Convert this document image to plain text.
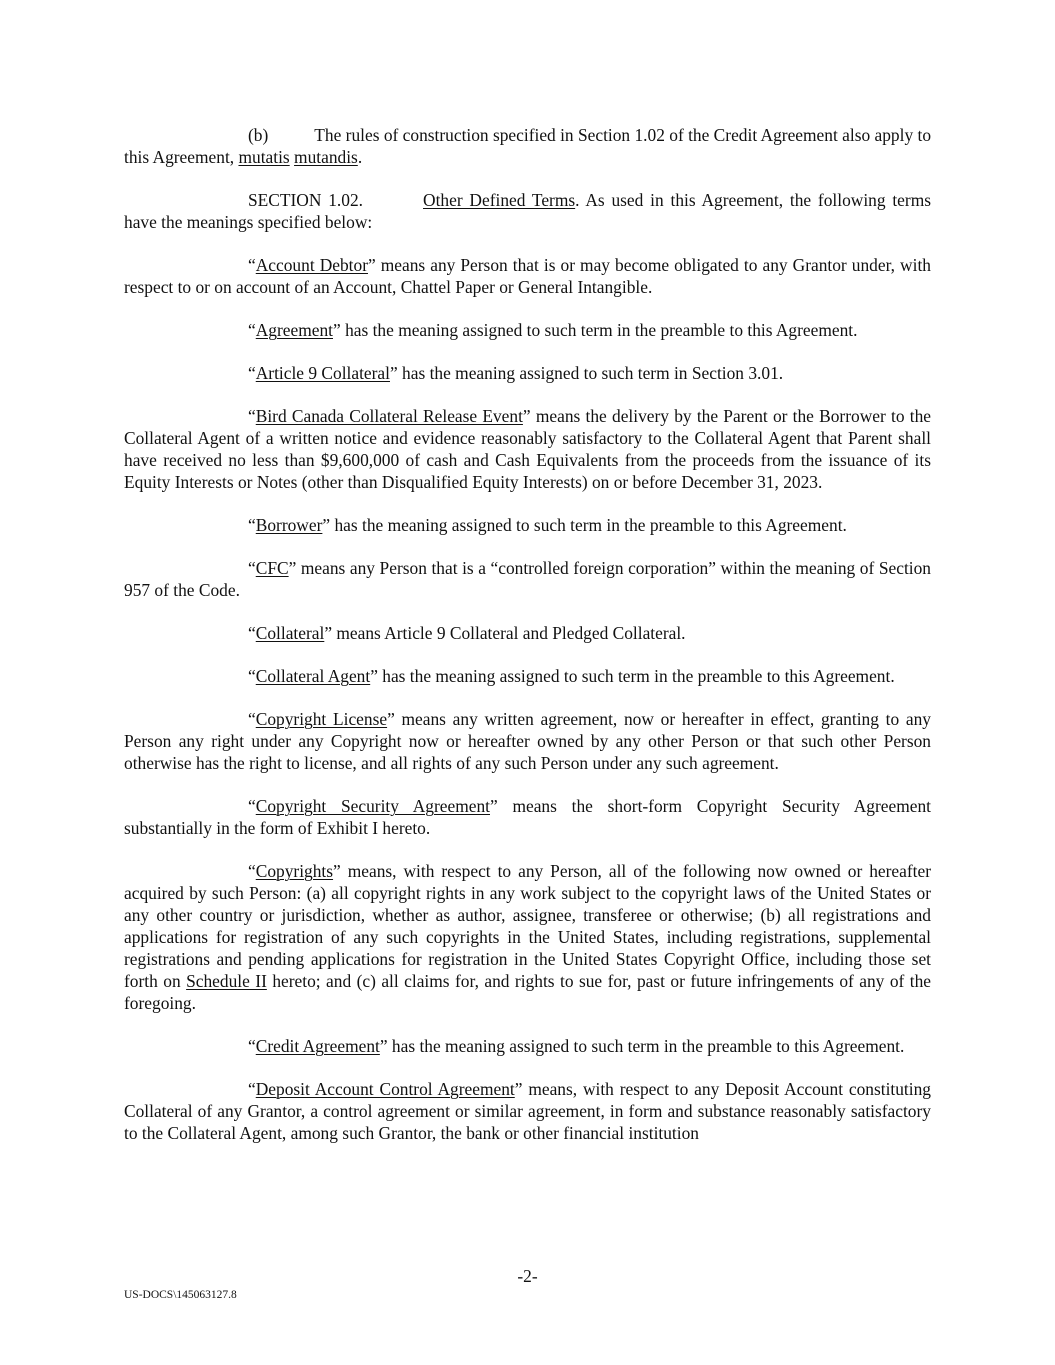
(b)	The rules of construction specified in Section 1.02 of the Credit Agreement also apply to this Agreement, mutatis mutandis.

SECTION 1.02.	Other Defined Terms. As used in this Agreement, the following terms have the meanings specified below:

“Account Debtor” means any Person that is or may become obligated to any Grantor under, with respect to or on account of an Account, Chattel Paper or General Intangible.

“Agreement” has the meaning assigned to such term in the preamble to this Agreement.

“Article 9 Collateral” has the meaning assigned to such term in Section 3.01.

“Bird Canada Collateral Release Event” means the delivery by the Parent or the Borrower to the Collateral Agent of a written notice and evidence reasonably satisfactory to the Collateral Agent that Parent shall have received no less than $9,600,000 of cash and Cash Equivalents from the proceeds from the issuance of its Equity Interests or Notes (other than Disqualified Equity Interests) on or before December 31, 2023.

“Borrower” has the meaning assigned to such term in the preamble to this Agreement.

“CFC” means any Person that is a “controlled foreign corporation” within the meaning of Section 957 of the Code.

“Collateral” means Article 9 Collateral and Pledged Collateral.

“Collateral Agent” has the meaning assigned to such term in the preamble to this Agreement.

“Copyright License” means any written agreement, now or hereafter in effect, granting to any Person any right under any Copyright now or hereafter owned by any other Person or that such other Person otherwise has the right to license, and all rights of any such Person under any such agreement.

“Copyright Security Agreement” means the short-form Copyright Security Agreement substantially in the form of Exhibit I hereto.

“Copyrights” means, with respect to any Person, all of the following now owned or hereafter acquired by such Person: (a) all copyright rights in any work subject to the copyright laws of the United States or any other country or jurisdiction, whether as author, assignee, transferee or otherwise; (b) all registrations and applications for registration of any such copyrights in the United States, including registrations, supplemental registrations and pending applications for registration in the United States Copyright Office, including those set forth on Schedule II hereto; and (c) all claims for, and rights to sue for, past or future infringements of any of the foregoing.

“Credit Agreement” has the meaning assigned to such term in the preamble to this Agreement.

“Deposit Account Control Agreement” means, with respect to any Deposit Account constituting Collateral of any Grantor, a control agreement or similar agreement, in form and substance reasonably satisfactory to the Collateral Agent, among such Grantor, the bank or other financial institution

-2-
US-DOCS\145063127.8
